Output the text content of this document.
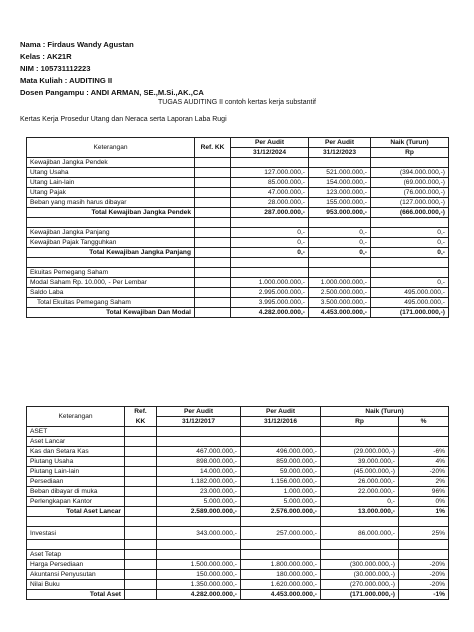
Nama : Firdaus Wandy Agustan
Kelas : AK21R
NIM : 105731112223
Mata Kuliah : AUDITING II
Dosen Pangampu : ANDI ARMAN, SE.,M.Si.,AK.,CA
TUGAS AUDITING II contoh kertas kerja substantif
Kertas Kerja Prosedur Utang dan Neraca serta Laporan Laba Rugi
Keterangan	Ref. KK	Per Audit	Per Audit	Naik (Turun)
		31/12/2024	31/12/2023	Rp
Kewajiban Jangka Pendek				
Utang Usaha		127.000.000,-	521.000.000,-	(394.000.000,-)
Utang Lain-lain		85.000.000,-	154.000.000,-	(69.000.000,-)
Utang Pajak		47.000.000,-	123.000.000,-	(76.000.000,-)
Beban yang masih harus dibayar		28.000.000,-	155.000.000,-	(127.000.000,-)
Total Kewajiban Jangka Pendek		287.000.000,-	953.000.000,-	(666.000.000,-)

Kewajiban Jangka Panjang		0,-	0,-	0,-
Kewajiban Pajak Tangguhkan		0,-	0,-	0,-
Total Kewajiban Jangka Panjang		0,-	0,-	0,-

Ekuitas Pemegang Saham				
Modal Saham Rp. 10.000, - Per Lembar		1.000.000.000,-	1.000.000.000,-	0,-
Saldo Laba		2.995.000.000,-	2.500.000.000,-	495.000.000,-
Total Ekuitas Pemegang Saham		3.995.000.000,-	3.500.000.000,-	495.000.000,-
Total Kewajiban Dan Modal		4.282.000.000,-	4.453.000.000,-	(171.000.000,-)
Keterangan	Ref.	Per Audit	Per Audit	Naik (Turun)	
	KK	31/12/2017	31/12/2016	Rp	%
ASET					
Aset Lancar					
Kas dan Setara Kas		467.000.000,-	496.000.000,-	(29.000.000,-)	-6%
Piutang Usaha		898.000.000,-	859.000.000,-	39.000.000,-	4%
Piutang Lain-lain		14.000.000,-	59.000.000,-	(45.000.000,-)	-20%
Persediaan		1.182.000.000,-	1.156.000.000,-	26.000.000,-	2%
Beban dibayar di muka		23.000.000,-	1.000.000,-	22.000.000,-	96%
Perlengkapan Kantor		5.000.000,-	5.000.000,-	0,-	0%
Total Aset Lancar		2.589.000.000,-	2.576.000.000,-	13.000.000,-	1%

Investasi		343.000.000,-	257.000.000,-	86.000.000,-	25%

Aset Tetap					
Harga Persediaan		1.500.000.000,-	1.800.000.000,-	(300.000.000,-)	-20%
Akuntansi Penyusutan		150.000.000,-	180.000.000,-	(30.000.000,-)	-20%
Nilai Buku		1.350.000.000,-	1.620.000.000,-	(270.000.000,-)	-20%
Total Aset		4.282.000.000,-	4.453.000.000,-	(171.000.000,-)	-1%
